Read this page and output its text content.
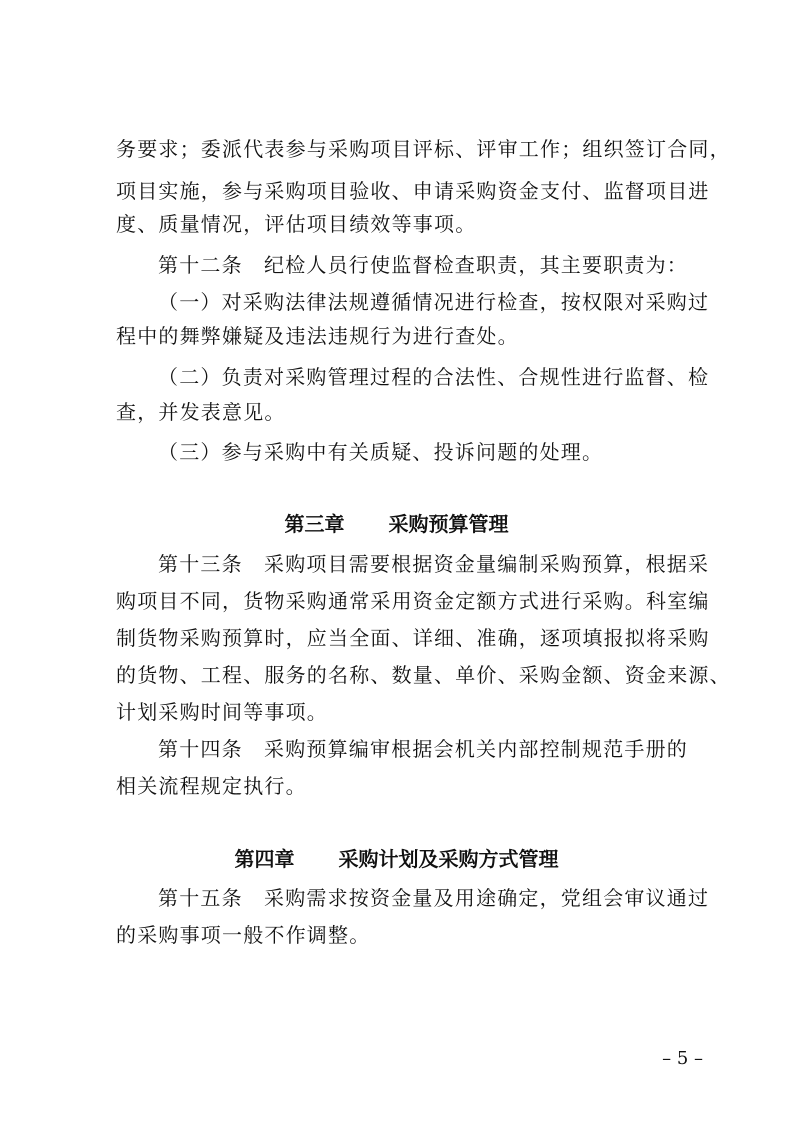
务要求；委派代表参与采购项目评标、评审工作；组织签订合同，
项目实施，参与采购项目验收、申请采购资金支付、监督项目进
度、质量情况，评估项目绩效等事项。
第十二条　纪检人员行使监督检查职责，其主要职责为：
（一）对采购法律法规遵循情况进行检查，按权限对采购过
程中的舞弊嫌疑及违法违规行为进行查处。
（二）负责对采购管理过程的合法性、合规性进行监督、检
查，并发表意见。
（三）参与采购中有关质疑、投诉问题的处理。
第三章 采购预算管理
第十三条　采购项目需要根据资金量编制采购预算，根据采
购项目不同，货物采购通常采用资金定额方式进行采购。科室编
制货物采购预算时，应当全面、详细、准确，逐项填报拟将采购
的货物、工程、服务的名称、数量、单价、采购金额、资金来源、
计划采购时间等事项。
第十四条　采购预算编审根据会机关内部控制规范手册的
相关流程规定执行。
第四章 采购计划及采购方式管理
第十五条　采购需求按资金量及用途确定，党组会审议通过
的采购事项一般不作调整。
– 5 –
